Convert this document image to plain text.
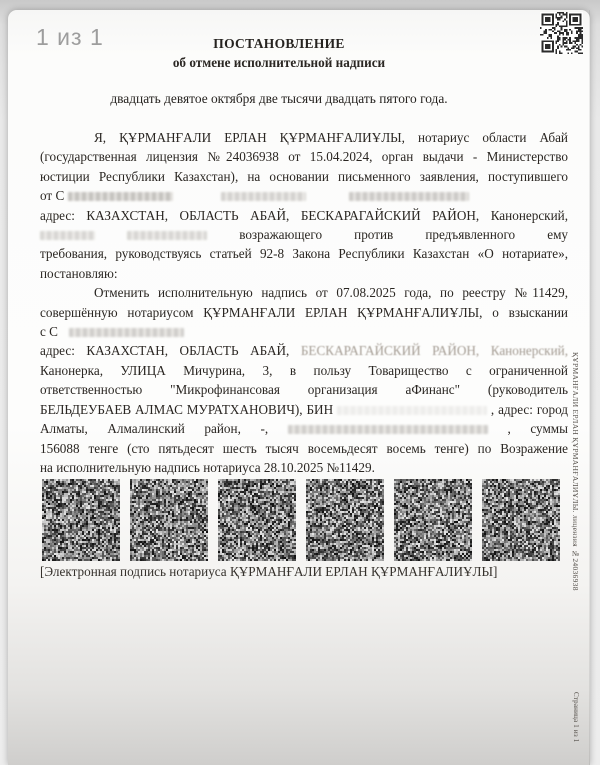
1 из 1	ПОСТАНОВЛЕНИЕ
об отмене исполнительной надписи
двадцать девятое октября две тысячи двадцать пятого года.
Я, ҚҰРМАНҒАЛИ ЕРЛАН ҚҰРМАНҒАЛИҰЛЫ, нотариус области Абай
(государственная лицензия №24036938 от 15.04.2024, орган выдачи - Министерство
юстиции Республики Казахстан), на основании письменного заявления, поступившего
от С
адрес: КАЗАХСТАН, ОБЛАСТЬ АБАЙ, БЕСКАРАГАЙСКИЙ РАЙОН, Канонерский,
возражающего против предъявленного ему
требования, руководствуясь статьей 92-8 Закона Республики Казахстан «О нотариате»,
постановляю:
Отменить исполнительную надпись от 07.08.2025 года, по реестру №11429,
совершённую нотариусом ҚҰРМАНҒАЛИ ЕРЛАН ҚҰРМАНҒАЛИҰЛЫ, о взыскании
с С
адрес: КАЗАХСТАН, ОБЛАСТЬ АБАЙ, БЕСКАРАГАЙСКИЙ РАЙОН, Канонерский,
Канонерка, УЛИЦА Мичурина, 3, в пользу Товарищество с ограниченной
ответственностью "Микрофинансовая организация аФинанс" (руководитель
БЕЛЬДЕУБАЕВ АЛМАС МУРАТХАНОВИЧ), БИН	, адрес: город
Алматы, Алмалинский район, -,	, суммы
156088 тенге (сто пятьдесят шесть тысяч восемьдесят восемь тенге) по Возражение
на исполнительную надпись нотариуса 28.10.2025 №11429.
[Электронная подпись нотариуса ҚҰРМАНҒАЛИ ЕРЛАН ҚҰРМАНҒАЛИҰЛЫ]	ҚҰРМАНҒАЛИ ЕРЛАН ҚҰРМАНҒАЛИҰЛЫ. лицензия №24036938
Страница 1 из 1
